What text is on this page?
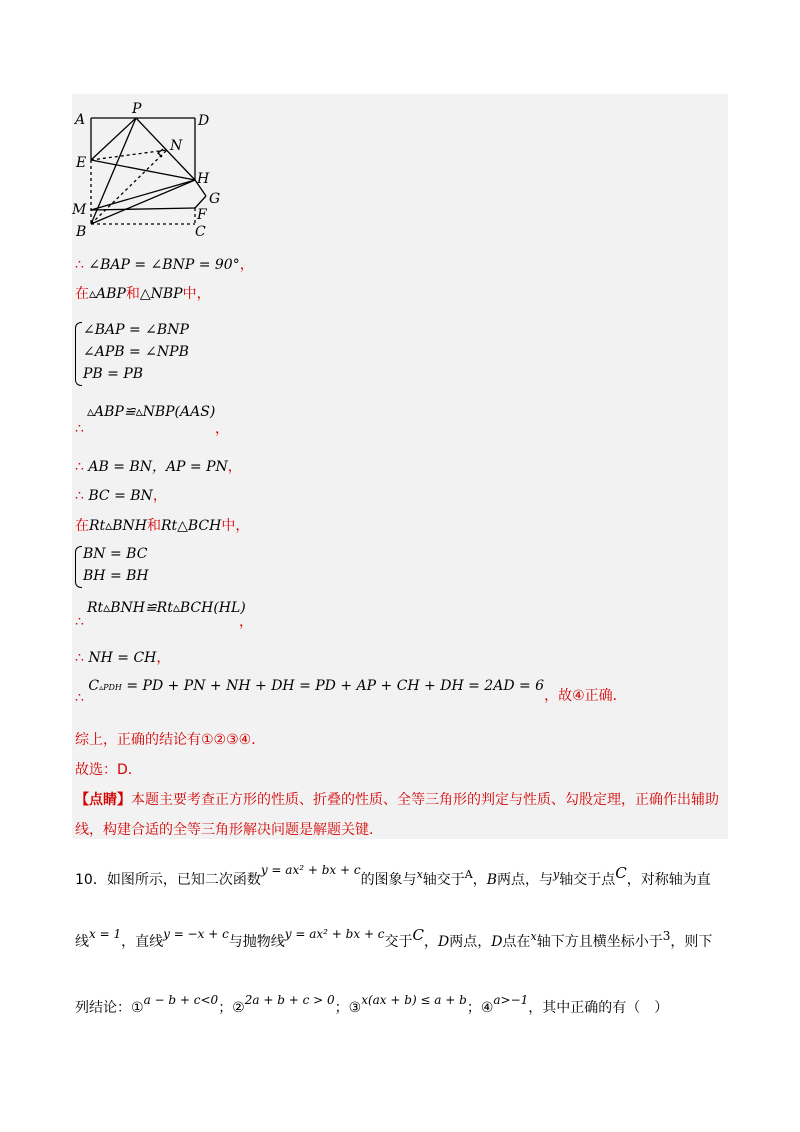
A
P
D
N
E
H
G
M	F
B	C
∴ ∠BAP = ∠BNP = 90°，
在▵ABP和△NBP中，
∠BAP = ∠BNP
∠APB = ∠NPB
PB = PB
▵ABP≌▵NBP(AAS)
∴	，
∴ AB = BN，AP = PN，
∴ BC = BN，
在Rt▵BNH和Rt△BCH中，
BN = BC
BH = BH
Rt▵BNH≌Rt▵BCH(HL)
∴	，
∴ NH = CH，
∴ C▵PDH = PD + PN + NH + DH = PD + AP + CH + DH = 2AD = 6，故④正确．
综上，正确的结论有①②③④．
故选：D．
【点睛】本题主要考查正方形的性质、折叠的性质、全等三角形的判定与性质、勾股定理，正确作出辅助
线，构建合适的全等三角形解决问题是解题关键.
10．如图所示，已知二次函数y = ax² + bx + c的图象与$^x$轴交于$^A$，B两点，与$^y$轴交于点C，对称轴为直
线x = 1，直线y = −x + c与抛物线y = ax² + bx + c交于C，D两点，D点在$^x$轴下方且横坐标小于3，则下
列结论：①a − b + c<0；②2a + b + c > 0；③x(ax + b) ≤ a + b；④a>−1，其中正确的有（　）
